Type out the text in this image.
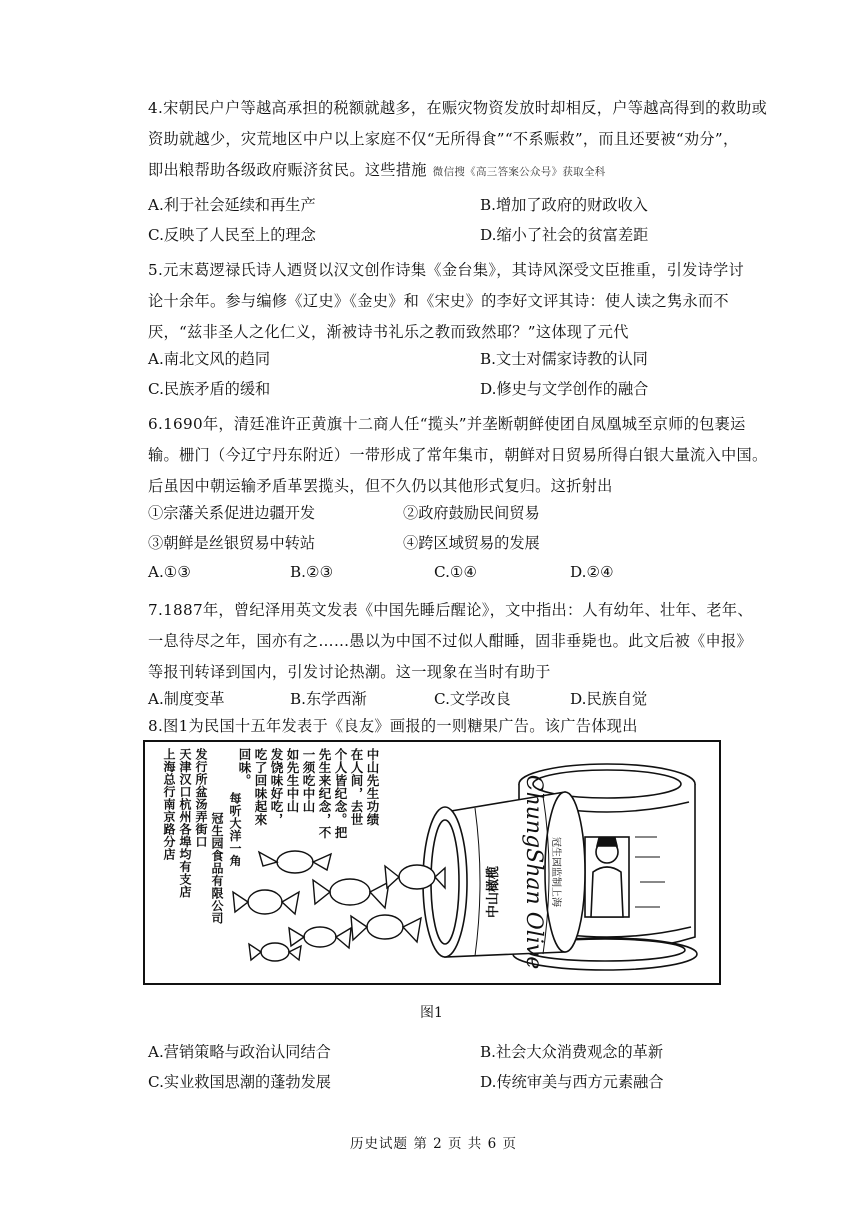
4.宋朝民户户等越高承担的税额就越多，在赈灾物资发放时却相反，户等越高得到的救助或
资助就越少，灾荒地区中户以上家庭不仅“无所得食”“不系赈救”，而且还要被“劝分”，
即出粮帮助各级政府赈济贫民。这些措施 微信搜《高三答案公众号》获取全科
A.利于社会延续和再生产	B.增加了政府的财政收入
C.反映了人民至上的理念	D.缩小了社会的贫富差距
5.元末葛逻禄氏诗人迺贤以汉文创作诗集《金台集》，其诗风深受文臣推重，引发诗学讨
论十余年。参与编修《辽史》《金史》和《宋史》的李好文评其诗：使人读之隽永而不
厌，“兹非圣人之化仁义，渐被诗书礼乐之教而致然耶？”这体现了元代
A.南北文风的趋同	B.文士对儒家诗教的认同
C.民族矛盾的缓和	D.修史与文学创作的融合
6.1690年，清廷准许正黄旗十二商人任“揽头”并垄断朝鲜使团自凤凰城至京师的包裹运
输。栅门（今辽宁丹东附近）一带形成了常年集市，朝鲜对日贸易所得白银大量流入中国。
后虽因中朝运输矛盾革罢揽头，但不久仍以其他形式复归。这折射出
①宗藩关系促进边疆开发	②政府鼓励民间贸易
③朝鲜是丝银贸易中转站	④跨区域贸易的发展
A.①③	B.②③	C.①④	D.②④
7.1887年，曾纪泽用英文发表《中国先睡后醒论》，文中指出：人有幼年、壮年、老年、
一息待尽之年，国亦有之……愚以为中国不过似人酣睡，固非垂毙也。此文后被《申报》
等报刊转译到国内，引发讨论热潮。这一现象在当时有助于
A.制度变革	B.东学西渐	C.文学改良	D.民族自觉
8.图1为民国十五年发表于《良友》画报的一则糖果广告。该广告体现出
天津汉口杭州各埠均有支店
上海总行南京路分店 发行所盆汤弄街口
冠生园食品有限公司 每听大洋一角
中山先生功绩
在人间，去世
个人皆纪念。把
先生来纪念，不
一须吃中山
如先生中山
发饶味好吃，
吃了回味起來
回味。
中山橄榄 ChungShan Olive 冠生园监制上海
图1
A.营销策略与政治认同结合	B.社会大众消费观念的革新
C.实业救国思潮的蓬勃发展	D.传统审美与西方元素融合
历史试题 第 2 页 共 6 页
